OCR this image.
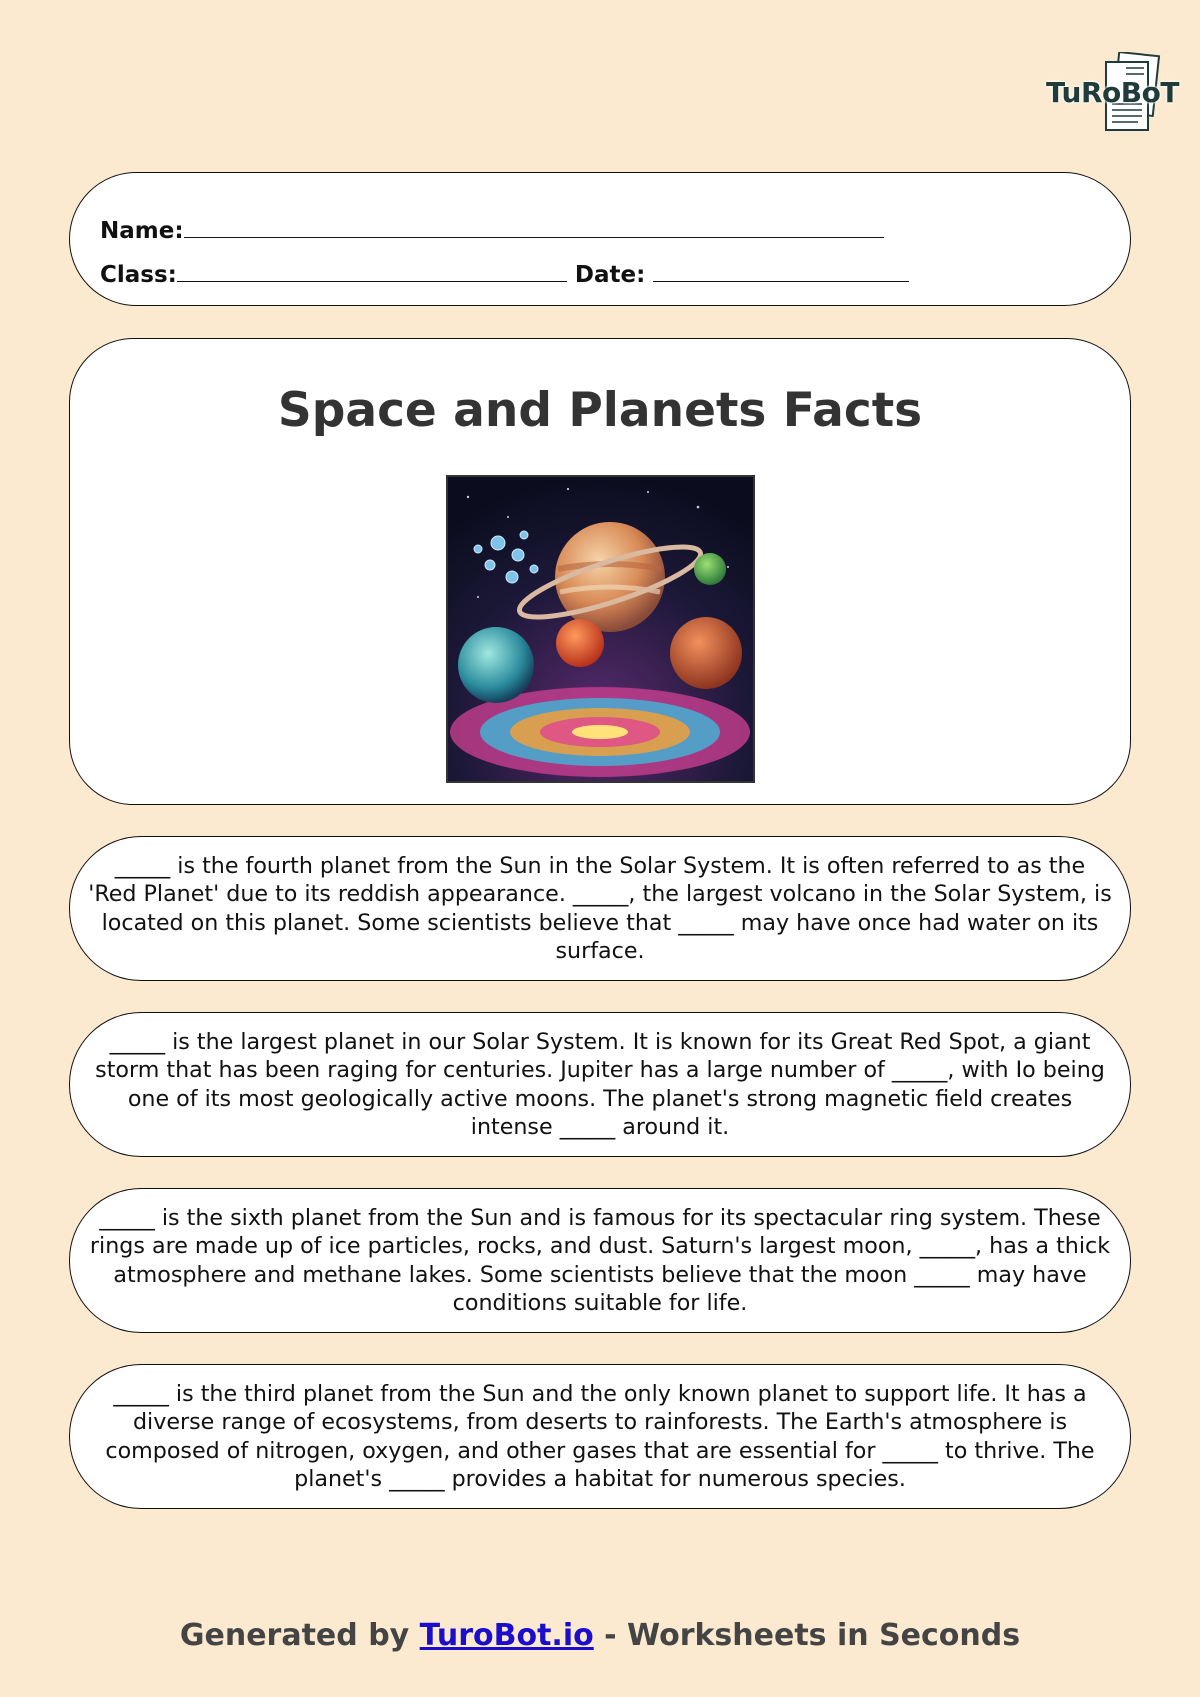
TuRoBoT
Name:
Class:	Date:
Space and Planets Facts
_____ is the fourth planet from the Sun in the Solar System. It is often referred to as the 'Red Planet' due to its reddish appearance. _____, the largest volcano in the Solar System, is located on this planet. Some scientists believe that _____ may have once had water on its surface.
_____ is the largest planet in our Solar System. It is known for its Great Red Spot, a giant storm that has been raging for centuries. Jupiter has a large number of _____, with Io being one of its most geologically active moons. The planet's strong magnetic field creates intense _____ around it.
_____ is the sixth planet from the Sun and is famous for its spectacular ring system. These rings are made up of ice particles, rocks, and dust. Saturn's largest moon, _____, has a thick atmosphere and methane lakes. Some scientists believe that the moon _____ may have conditions suitable for life.
_____ is the third planet from the Sun and the only known planet to support life. It has a diverse range of ecosystems, from deserts to rainforests. The Earth's atmosphere is composed of nitrogen, oxygen, and other gases that are essential for _____ to thrive. The planet's _____ provides a habitat for numerous species.
Generated by TuroBot.io - Worksheets in Seconds
